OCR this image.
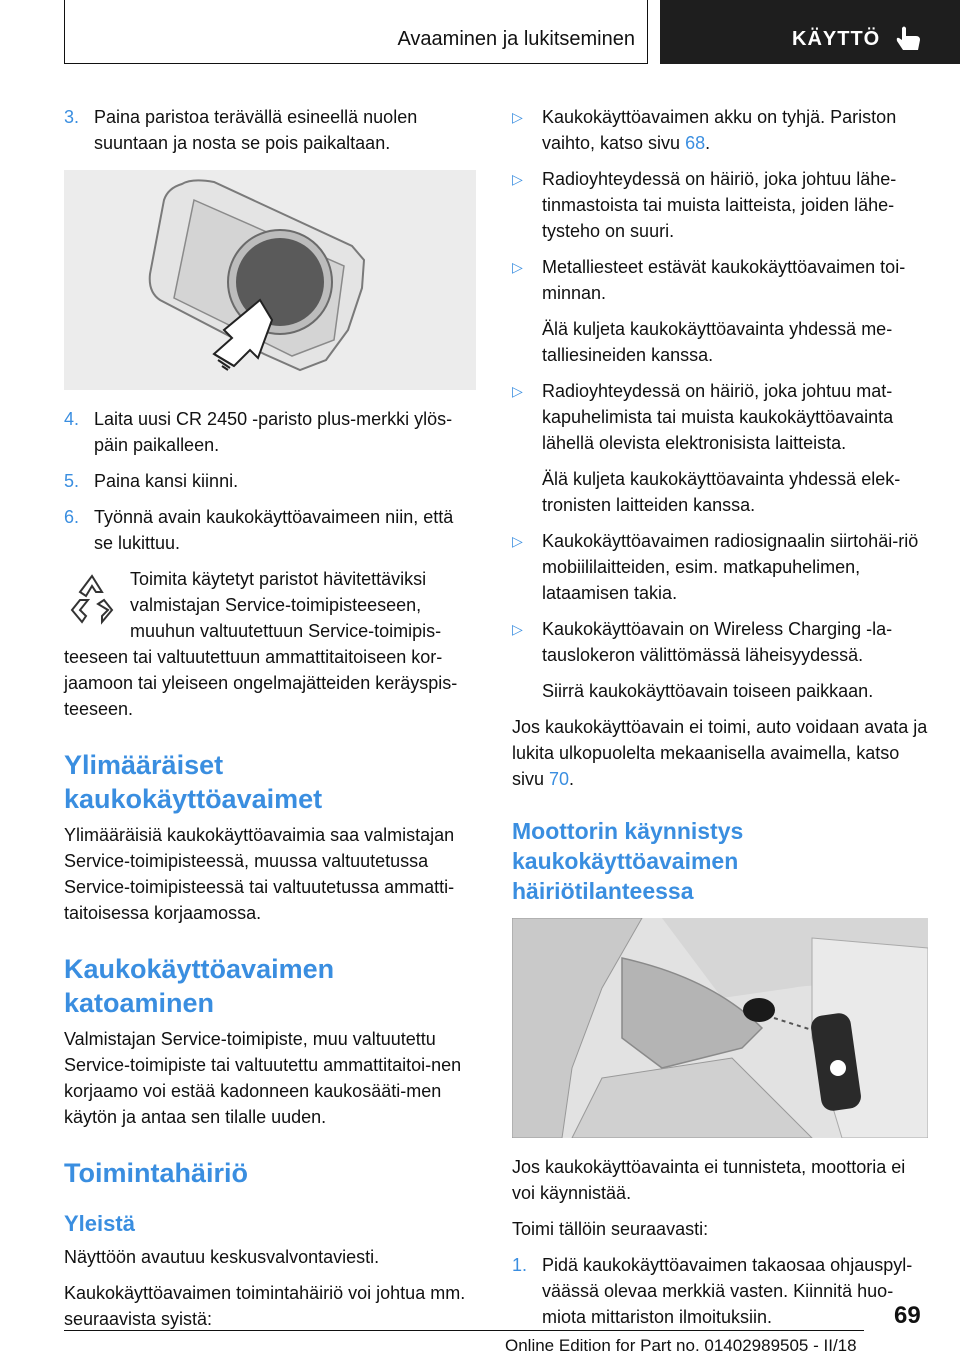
Avaaminen ja lukitseminen	KÄYTTÖ
3. Paina paristoa terävällä esineellä nuolen suuntaan ja nosta se pois paikaltaan.
4. Laita uusi CR 2450 -paristo plus-merkki ylös-päin paikalleen.
5. Paina kansi kiinni.
6. Työnnä avain kaukokäyttöavaimeen niin, että se lukittuu.
Toimita käytetyt paristot hävitettäviksi valmistajan Service-toimipisteeseen, muuhun valtuutettuun Service-toimipis-
teeseen tai valtuutettuun ammattitaitoiseen kor-jaamoon tai yleiseen ongelmajätteiden keräyspis-teeseen.
Ylimääräiset kaukokäyttöavaimet
Ylimääräisiä kaukokäyttöavaimia saa valmistajan Service-toimipisteessä, muussa valtuutetussa Service-toimipisteessä tai valtuutetussa ammatti-taitoisessa korjaamossa.
Kaukokäyttöavaimen katoaminen
Valmistajan Service-toimipiste, muu valtuutettu Service-toimipiste tai valtuutettu ammattitaitoi-nen korjaamo voi estää kadonneen kaukosääti-men käytön ja antaa sen tilalle uuden.
Toimintahäiriö
Yleistä
Näyttöön avautuu keskusvalvontaviesti.
Kaukokäyttöavaimen toimintahäiriö voi johtua mm. seuraavista syistä:
▷ Kaukokäyttöavaimen akku on tyhjä. Pariston vaihto, katso sivu 68.
▷ Radioyhteydessä on häiriö, joka johtuu lähe-tinmastoista tai muista laitteista, joiden lähe-tysteho on suuri.
▷ Metalliesteet estävät kaukokäyttöavaimen toi-minnan.
Älä kuljeta kaukokäyttöavainta yhdessä me-talliesineiden kanssa.
▷ Radioyhteydessä on häiriö, joka johtuu mat-kapuhelimista tai muista kaukokäyttöavainta lähellä olevista elektronisista laitteista.
Älä kuljeta kaukokäyttöavainta yhdessä elek-tronisten laitteiden kanssa.
▷ Kaukokäyttöavaimen radiosignaalin siirtohäi-riö mobiililaitteiden, esim. matkapuhelimen, lataamisen takia.
▷ Kaukokäyttöavain on Wireless Charging -la-tauslokeron välittömässä läheisyydessä.
Siirrä kaukokäyttöavain toiseen paikkaan.
Jos kaukokäyttöavain ei toimi, auto voidaan avata ja lukita ulkopuolelta mekaanisella avaimella, katso sivu 70.
Moottorin käynnistys kaukokäyttöavaimen häiriötilanteessa
Jos kaukokäyttöavainta ei tunnisteta, moottoria ei voi käynnistää.
Toimi tällöin seuraavasti:
1. Pidä kaukokäyttöavaimen takaosaa ohjauspyl-väässä olevaa merkkiä vasten. Kiinnitä huo-miota mittariston ilmoituksiin.	69
Online Edition for Part no. 01402989505 - II/18
